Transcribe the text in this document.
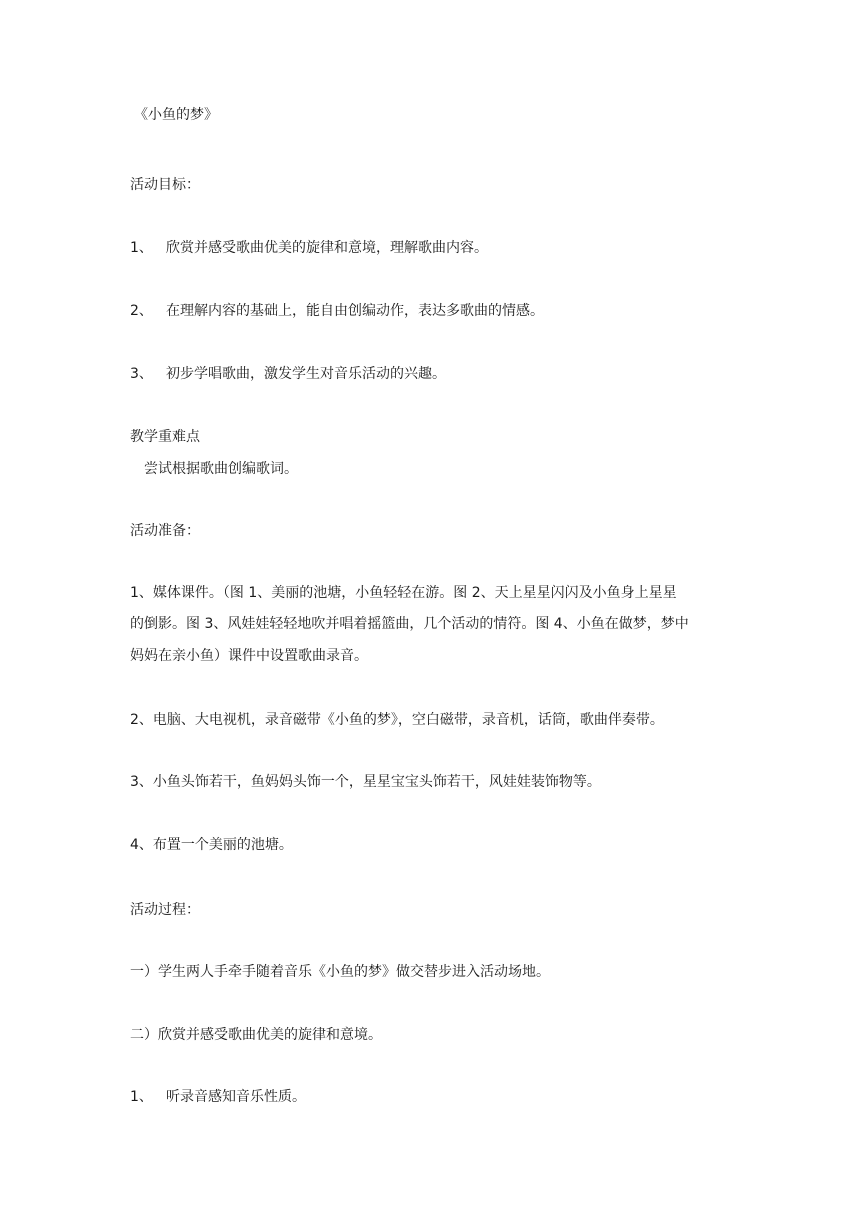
《小鱼的梦》
活动目标：
1、 欣赏并感受歌曲优美的旋律和意境，理解歌曲内容。
2、 在理解内容的基础上，能自由创编动作，表达多歌曲的情感。
3、 初步学唱歌曲，激发学生对音乐活动的兴趣。
教学重难点
尝试根据歌曲创编歌词。
活动准备：
1、媒体课件。（图 1、美丽的池塘，小鱼轻轻在游。图 2、天上星星闪闪及小鱼身上星星
的倒影。图 3、风娃娃轻轻地吹并唱着摇篮曲，几个活动的情符。图 4、小鱼在做梦，梦中
妈妈在亲小鱼）课件中设置歌曲录音。
2、电脑、大电视机，录音磁带《小鱼的梦》，空白磁带，录音机，话筒，歌曲伴奏带。
3、小鱼头饰若干，鱼妈妈头饰一个，星星宝宝头饰若干，风娃娃装饰物等。
4、布置一个美丽的池塘。
活动过程：
一）学生两人手牵手随着音乐《小鱼的梦》做交替步进入活动场地。
二）欣赏并感受歌曲优美的旋律和意境。
1、 听录音感知音乐性质。
